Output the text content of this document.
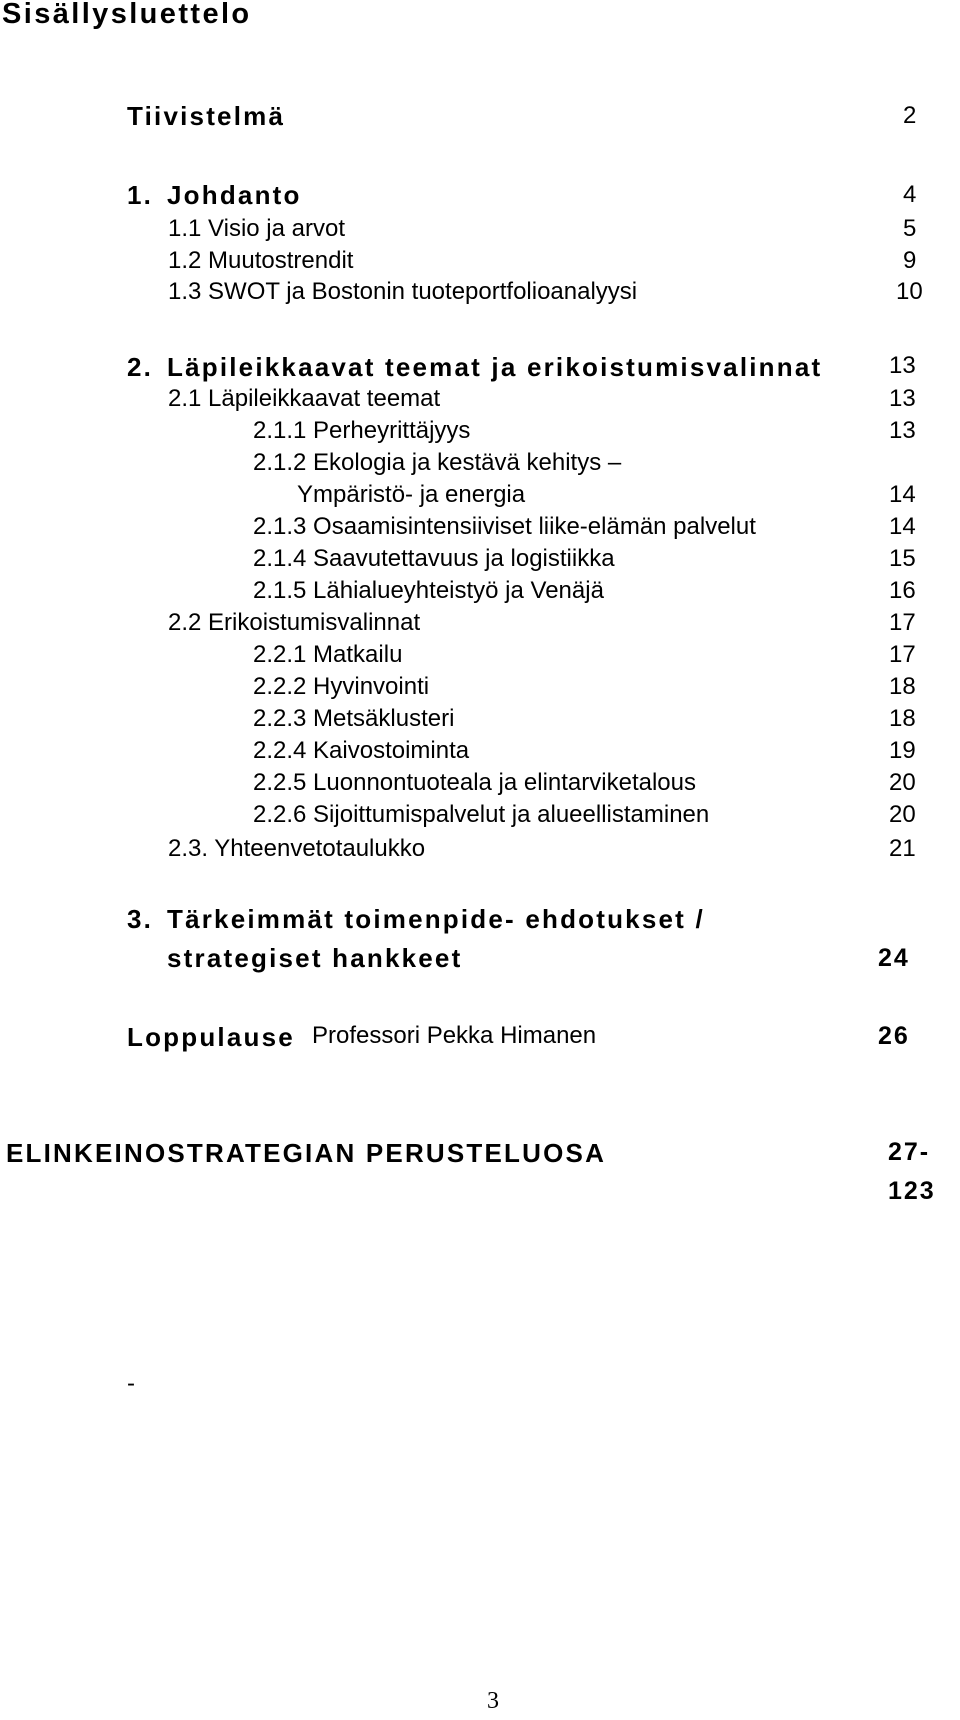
Sisällysluettelo
Tiivistelmä	2
1. Johdanto	4
1.1 Visio ja arvot	5
1.2 Muutostrendit	9
1.3 SWOT ja Bostonin tuoteportfolioanalyysi	10
2. Läpileikkaavat teemat ja erikoistumisvalinnat	13
2.1 Läpileikkaavat teemat	13
2.1.1 Perheyrittäjyys	13
2.1.2 Ekologia ja kestävä kehitys –
Ympäristö- ja energia	14
2.1.3 Osaamisintensiiviset liike-elämän palvelut	14
2.1.4 Saavutettavuus ja logistiikka	15
2.1.5 Lähialueyhteistyö ja Venäjä	16
2.2 Erikoistumisvalinnat	17
2.2.1 Matkailu	17
2.2.2 Hyvinvointi	18
2.2.3 Metsäklusteri	18
2.2.4 Kaivostoiminta	19
2.2.5 Luonnontuoteala ja elintarviketalous	20
2.2.6 Sijoittumispalvelut ja alueellistaminen	20
2.3. Yhteenvetotaulukko	21
3. Tärkeimmät toimenpide- ehdotukset /
strategiset hankkeet	24
Loppulause Professori Pekka Himanen	26
ELINKEINOSTRATEGIAN PERUSTELUOSA	27-
123
-
3
